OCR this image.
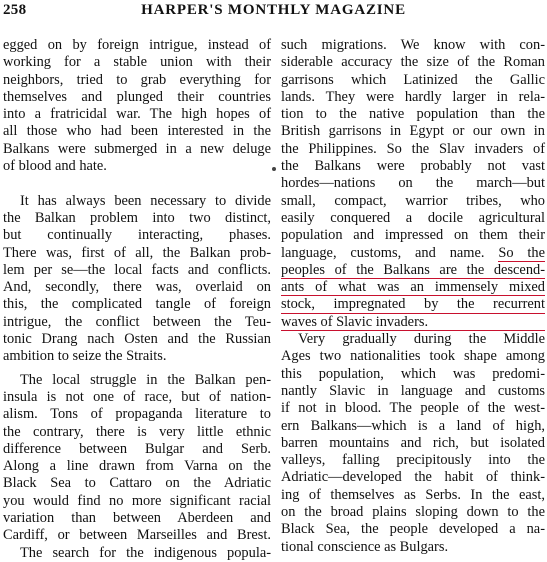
258	HARPER'S MONTHLY MAGAZINE
egged on by foreign intrigue, instead of
working for a stable union with their
neighbors, tried to grab everything for
themselves and plunged their countries
into a fratricidal war. The high hopes of
all those who had been interested in the
Balkans were submerged in a new deluge
of blood and hate.
It has always been necessary to divide
the Balkan problem into two distinct,
but continually interacting, phases.
There was, first of all, the Balkan prob-
lem per se—the local facts and conflicts.
And, secondly, there was, overlaid on
this, the complicated tangle of foreign
intrigue, the conflict between the Teu-
tonic Drang nach Osten and the Russian
ambition to seize the Straits.
The local struggle in the Balkan pen-
insula is not one of race, but of nation-
alism. Tons of propaganda literature to
the contrary, there is very little ethnic
difference between Bulgar and Serb.
Along a line drawn from Varna on the
Black Sea to Cattaro on the Adriatic
you would find no more significant racial
variation than between Aberdeen and
Cardiff, or between Marseilles and Brest.
The search for the indigenous popula-
such migrations. We know with con-
siderable accuracy the size of the Roman
garrisons which Latinized the Gallic
lands. They were hardly larger in rela-
tion to the native population than the
British garrisons in Egypt or our own in
the Philippines. So the Slav invaders of
the Balkans were probably not vast
hordes—nations on the march—but
small, compact, warrior tribes, who
easily conquered a docile agricultural
population and impressed on them their
language, customs, and name. So the
peoples of the Balkans are the descend-
ants of what was an immensely mixed
stock, impregnated by the recurrent
waves of Slavic invaders.
Very gradually during the Middle
Ages two nationalities took shape among
this population, which was predomi-
nantly Slavic in language and customs
if not in blood. The people of the west-
ern Balkans—which is a land of high,
barren mountains and rich, but isolated
valleys, falling precipitously into the
Adriatic—developed the habit of think-
ing of themselves as Serbs. In the east,
on the broad plains sloping down to the
Black Sea, the people developed a na-
tional conscience as Bulgars.
